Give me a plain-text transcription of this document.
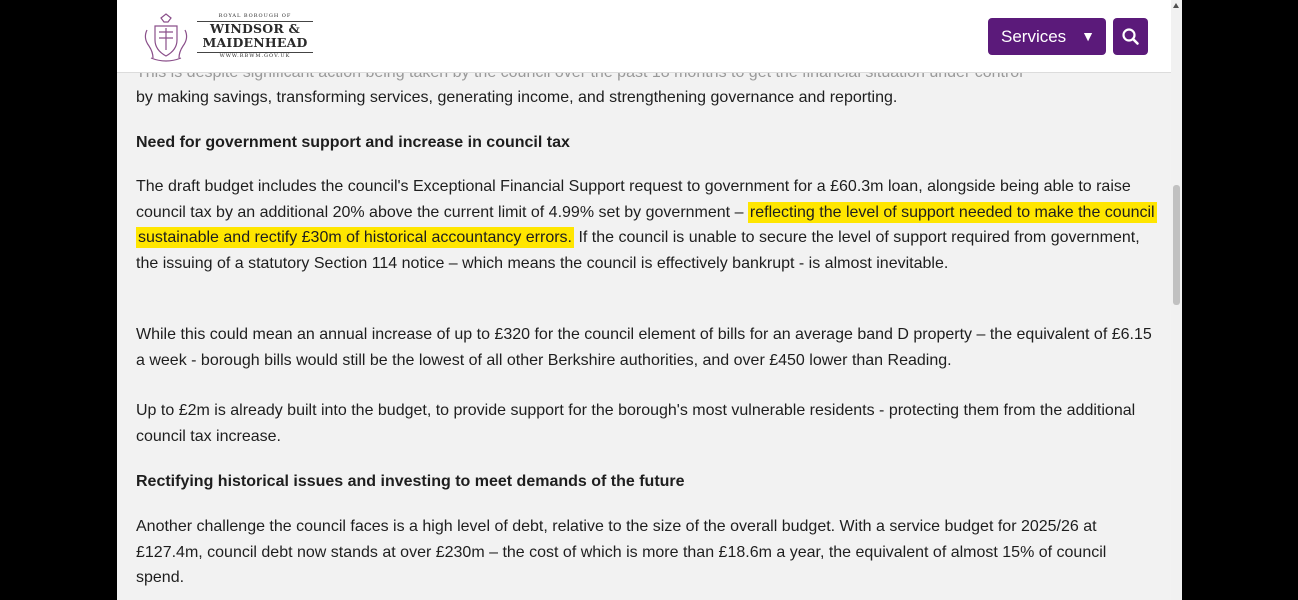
by making savings, transforming services, generating income, and strengthening governance and reporting.

Need for government support and increase in council tax

The draft budget includes the council's Exceptional Financial Support request to government for a £60.3m loan, alongside being able to raise council tax by an additional 20% above the current limit of 4.99% set by government – reflecting the level of support needed to make the council sustainable and rectify £30m of historical accountancy errors. If the council is unable to secure the level of support required from government, the issuing of a statutory Section 114 notice – which means the council is effectively bankrupt - is almost inevitable.

While this could mean an annual increase of up to £320 for the council element of bills for an average band D property – the equivalent of £6.15 a week - borough bills would still be the lowest of all other Berkshire authorities, and over £450 lower than Reading.

Up to £2m is already built into the budget, to provide support for the borough's most vulnerable residents - protecting them from the additional council tax increase.

Rectifying historical issues and investing to meet demands of the future

Another challenge the council faces is a high level of debt, relative to the size of the overall budget. With a service budget for 2025/26 at £127.4m, council debt now stands at over £230m – the cost of which is more than £18.6m a year, the equivalent of almost 15% of council spend.

ROYAL BOROUGH OF
WINDSOR &
MAIDENHEAD
WWW.RBWM.GOV.UK
Services ▼
